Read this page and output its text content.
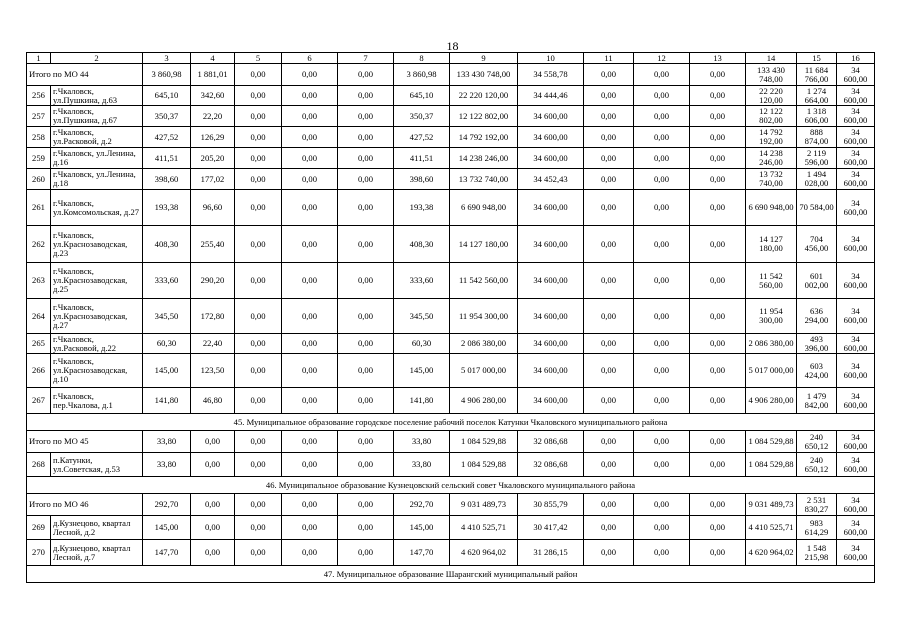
18
1	2	3	4	5	6	7	8	9	10	11	12	13	14	15	16
Итого по МО 44		3 860,98	1 881,01	0,00	0,00	0,00	3 860,98	133 430 748,00	34 558,78	0,00	0,00	0,00	133 430 748,00	11 684 766,00	34 600,00
256	г.Чкаловск, ул.Пушкина, д.63	645,10	342,60	0,00	0,00	0,00	645,10	22 220 120,00	34 444,46	0,00	0,00	0,00	22 220 120,00	1 274 664,00	34 600,00
257	г.Чкаловск, ул.Пушкина, д.67	350,37	22,20	0,00	0,00	0,00	350,37	12 122 802,00	34 600,00	0,00	0,00	0,00	12 122 802,00	1 318 606,00	34 600,00
258	г.Чкаловск, ул.Расковой, д.2	427,52	126,29	0,00	0,00	0,00	427,52	14 792 192,00	34 600,00	0,00	0,00	0,00	14 792 192,00	888 874,00	34 600,00
259	г.Чкаловск, ул.Ленина, д.16	411,51	205,20	0,00	0,00	0,00	411,51	14 238 246,00	34 600,00	0,00	0,00	0,00	14 238 246,00	2 119 596,00	34 600,00
260	г.Чкаловск, ул.Ленина, д.18	398,60	177,02	0,00	0,00	0,00	398,60	13 732 740,00	34 452,43	0,00	0,00	0,00	13 732 740,00	1 494 028,00	34 600,00
261	г.Чкаловск, ул.Комсомольская, д.27	193,38	96,60	0,00	0,00	0,00	193,38	6 690 948,00	34 600,00	0,00	0,00	0,00	6 690 948,00	70 584,00	34 600,00
262	г.Чкаловск, ул.Краснозаводская, д.23	408,30	255,40	0,00	0,00	0,00	408,30	14 127 180,00	34 600,00	0,00	0,00	0,00	14 127 180,00	704 456,00	34 600,00
263	г.Чкаловск, ул.Краснозаводская, д.25	333,60	290,20	0,00	0,00	0,00	333,60	11 542 560,00	34 600,00	0,00	0,00	0,00	11 542 560,00	601 002,00	34 600,00
264	г.Чкаловск, ул.Краснозаводская, д.27	345,50	172,80	0,00	0,00	0,00	345,50	11 954 300,00	34 600,00	0,00	0,00	0,00	11 954 300,00	636 294,00	34 600,00
265	г.Чкаловск, ул.Расковой, д.22	60,30	22,40	0,00	0,00	0,00	60,30	2 086 380,00	34 600,00	0,00	0,00	0,00	2 086 380,00	493 396,00	34 600,00
266	г.Чкаловск, ул.Краснозаводская, д.10	145,00	123,50	0,00	0,00	0,00	145,00	5 017 000,00	34 600,00	0,00	0,00	0,00	5 017 000,00	603 424,00	34 600,00
267	г.Чкаловск, пер.Чкалова, д.1	141,80	46,80	0,00	0,00	0,00	141,80	4 906 280,00	34 600,00	0,00	0,00	0,00	4 906 280,00	1 479 842,00	34 600,00
45. Муниципальное образование городское поселение рабочий поселок Катунки Чкаловского муниципального района															
Итого по МО 45		33,80	0,00	0,00	0,00	0,00	33,80	1 084 529,88	32 086,68	0,00	0,00	0,00	1 084 529,88	240 650,12	34 600,00
268	п.Катунки, ул.Советская, д.53	33,80	0,00	0,00	0,00	0,00	33,80	1 084 529,88	32 086,68	0,00	0,00	0,00	1 084 529,88	240 650,12	34 600,00
46. Муниципальное образование Кузнецовский сельский совет Чкаловского муниципального района															
Итого по МО 46		292,70	0,00	0,00	0,00	0,00	292,70	9 031 489,73	30 855,79	0,00	0,00	0,00	9 031 489,73	2 531 830,27	34 600,00
269	д.Кузнецово, квартал Лесной, д.2	145,00	0,00	0,00	0,00	0,00	145,00	4 410 525,71	30 417,42	0,00	0,00	0,00	4 410 525,71	983 614,29	34 600,00
270	д.Кузнецово, квартал Лесной, д.7	147,70	0,00	0,00	0,00	0,00	147,70	4 620 964,02	31 286,15	0,00	0,00	0,00	4 620 964,02	1 548 215,98	34 600,00
47. Муниципальное образование Шарангский муниципальный район															
